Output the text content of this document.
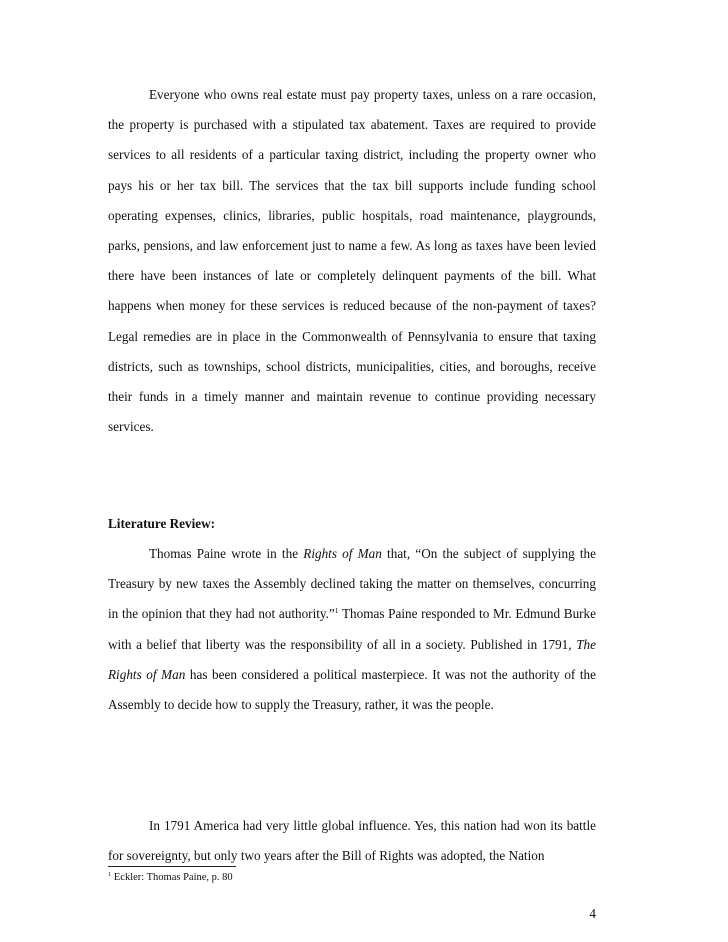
Everyone who owns real estate must pay property taxes, unless on a rare occasion, the property is purchased with a stipulated tax abatement. Taxes are required to provide services to all residents of a particular taxing district, including the property owner who pays his or her tax bill. The services that the tax bill supports include funding school operating expenses, clinics, libraries, public hospitals, road maintenance, playgrounds, parks, pensions, and law enforcement just to name a few. As long as taxes have been levied there have been instances of late or completely delinquent payments of the bill. What happens when money for these services is reduced because of the non-payment of taxes? Legal remedies are in place in the Commonwealth of Pennsylvania to ensure that taxing districts, such as townships, school districts, municipalities, cities, and boroughs, receive their funds in a timely manner and maintain revenue to continue providing necessary services.

Literature Review:

Thomas Paine wrote in the Rights of Man that, “On the subject of supplying the Treasury by new taxes the Assembly declined taking the matter on themselves, concurring in the opinion that they had not authority.”$^1$ Thomas Paine responded to Mr. Edmund Burke with a belief that liberty was the responsibility of all in a society. Published in 1791, The Rights of Man has been considered a political masterpiece. It was not the authority of the Assembly to decide how to supply the Treasury, rather, it was the people.

In 1791 America had very little global influence. Yes, this nation had won its battle for sovereignty, but only two years after the Bill of Rights was adopted, the Nation

$^1$ Eckler: Thomas Paine, p. 80
4
